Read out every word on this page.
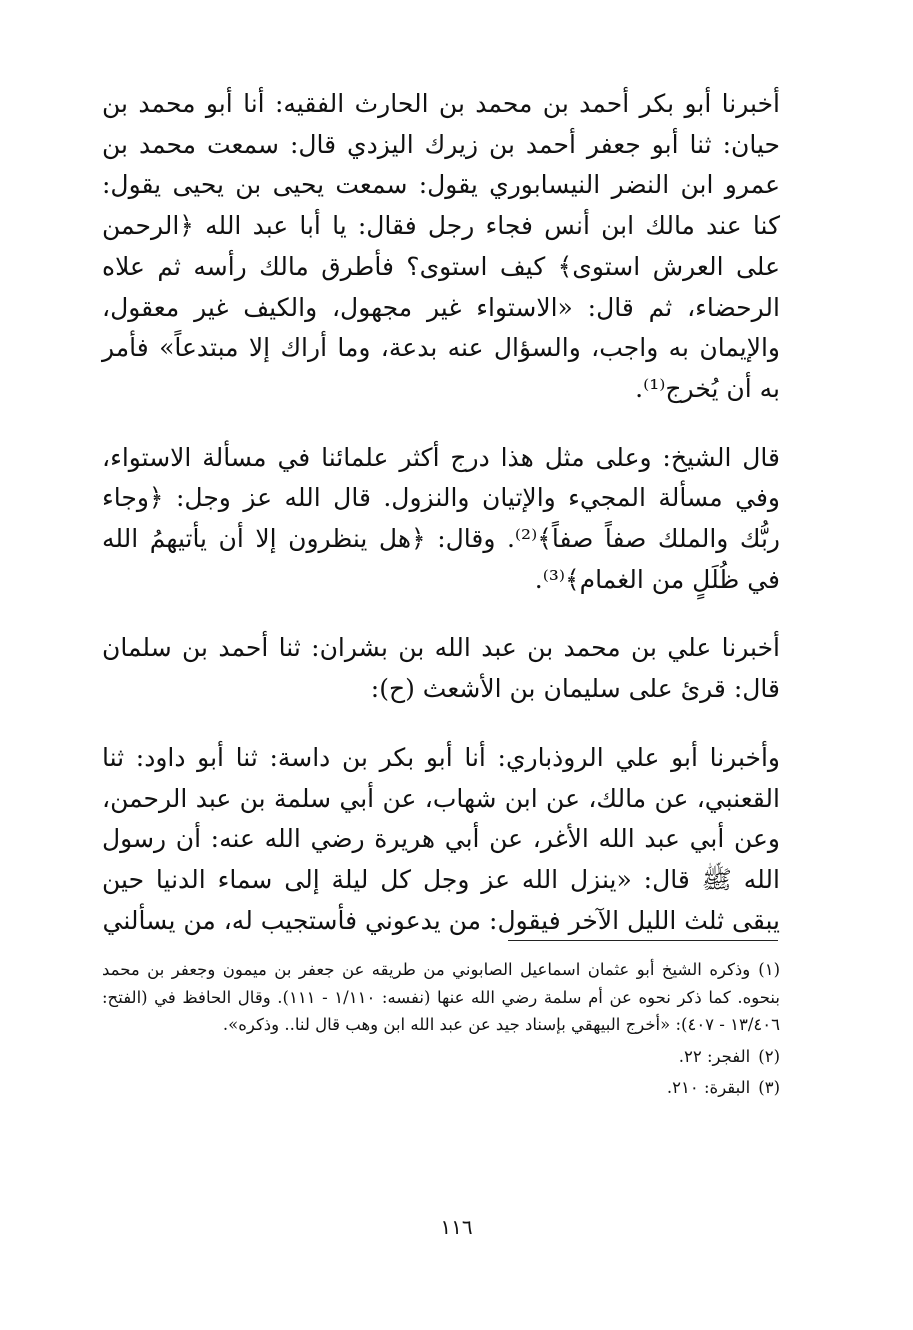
أخبرنا أبو بكر أحمد بن محمد بن الحارث الفقيه: أنا أبو محمد بن حيان: ثنا أبو جعفر أحمد بن زيرك اليزدي قال: سمعت محمد بن عمرو ابن النضر النيسابوري يقول: سمعت يحيى بن يحيى يقول: كنا عند مالك ابن أنس فجاء رجل فقال: يا أبا عبد الله ﴿الرحمن على العرش استوى﴾ كيف استوى؟ فأطرق مالك رأسه ثم علاه الرحضاء، ثم قال: «الاستواء غير مجهول، والكيف غير معقول، والإيمان به واجب، والسؤال عنه بدعة، وما أراك إلا مبتدعاً» فأمر به أن يُخرج⁽¹⁾.

قال الشيخ: وعلى مثل هذا درج أكثر علمائنا في مسألة الاستواء، وفي مسألة المجيء والإتيان والنزول. قال الله عز وجل: ﴿وجاء ربُّك والملك صفاً صفاً﴾⁽²⁾. وقال: ﴿هل ينظرون إلا أن يأتيهمُ الله في ظُلَلٍ من الغمام﴾⁽³⁾.

أخبرنا علي بن محمد بن عبد الله بن بشران: ثنا أحمد بن سلمان قال: قرئ على سليمان بن الأشعث (ح):

وأخبرنا أبو علي الروذباري: أنا أبو بكر بن داسة: ثنا أبو داود: ثنا القعنبي، عن مالك، عن ابن شهاب، عن أبي سلمة بن عبد الرحمن، وعن أبي عبد الله الأغر، عن أبي هريرة رضي الله عنه: أن رسول الله ﷺ قال: «ينزل الله عز وجل كل ليلة إلى سماء الدنيا حين يبقى ثلث الليل الآخر فيقول: من يدعوني فأستجيب له، من يسألني

(١)وذكره الشيخ أبو عثمان اسماعيل الصابوني من طريقه عن جعفر بن ميمون وجعفر بن محمد بنحوه. كما ذكر نحوه عن أم سلمة رضي الله عنها (نفسه: ١/١١٠ - ١١١). وقال الحافظ في (الفتح: ١٣/٤٠٦ - ٤٠٧): «أخرج البيهقي بإسناد جيد عن عبد الله ابن وهب قال لنا.. وذكره».

(٢)الفجر: ٢٢.

(٣)البقرة: ٢١٠.

١١٦
